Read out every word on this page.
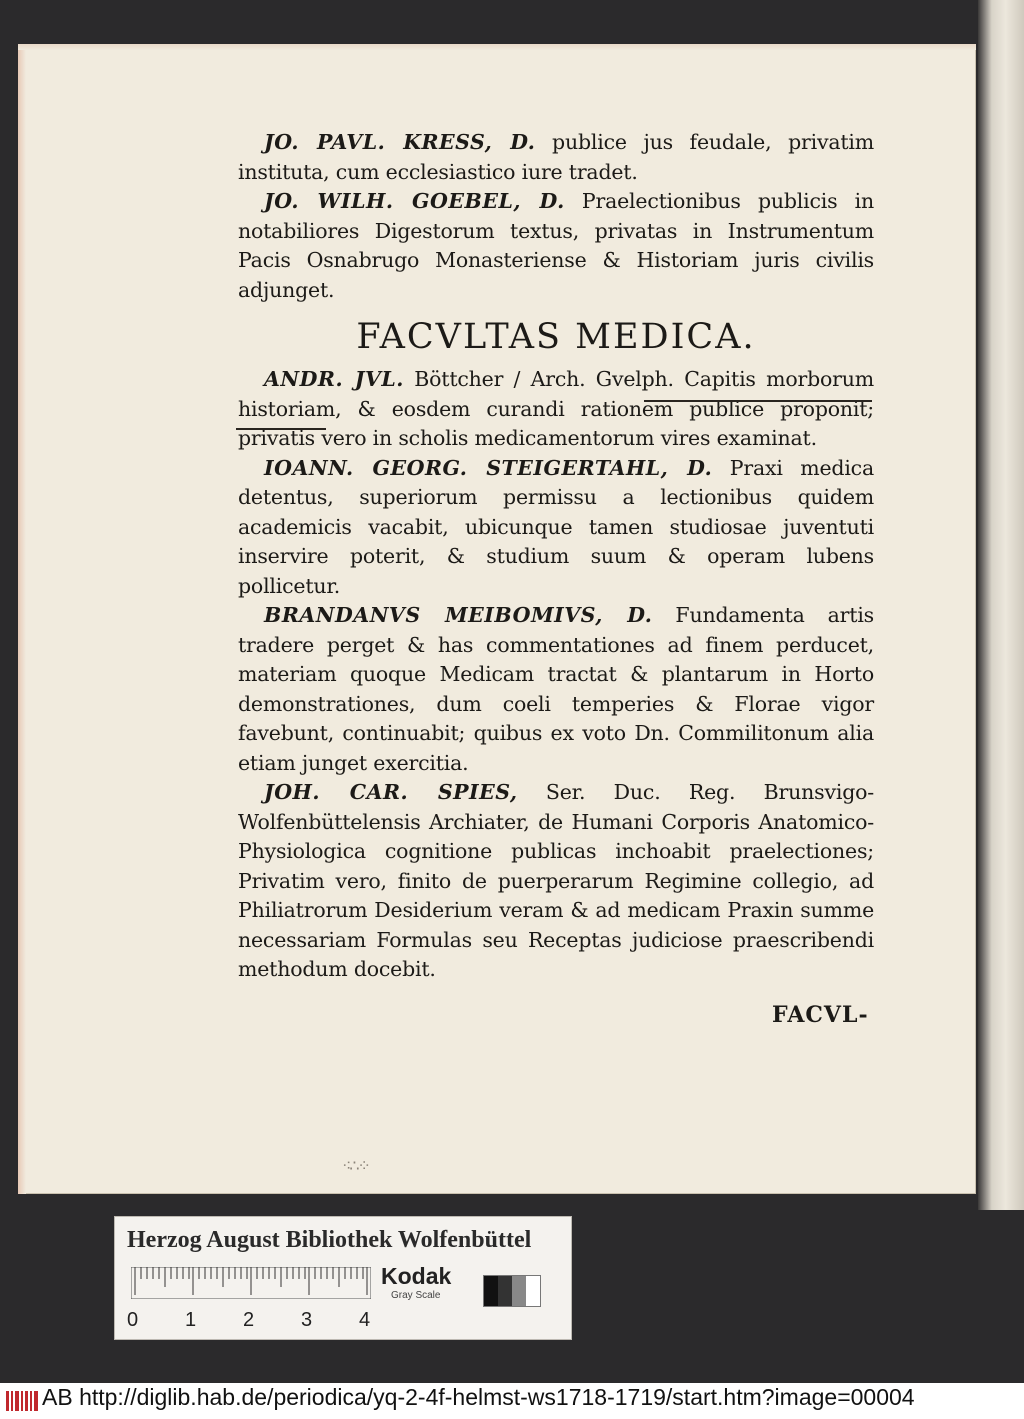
JO. PAVL. KRESS, D. publice jus feudale, privatim instituta, cum ecclesiastico iure tradet.

JO. WILH. GOEBEL, D. Praelectionibus publicis in notabiliores Digestorum textus, privatas in Instrumentum Pacis Osnabrugo Monasteriense & Historiam juris civilis adjunget.

FACVLTAS MEDICA.

ANDR. JVL. Böttcher / Arch. Gvelph. Capitis morborum historiam, & eosdem curandi rationem publice proponit; privatis vero in scholis medicamentorum vires examinat.

IOANN. GEORG. STEIGERTAHL, D. Praxi medica detentus, superiorum permissu a lectionibus quidem academicis vacabit, ubicunque tamen studiosae juventuti inservire poterit, & studium suum & operam lubens pollicetur.

BRANDANVS MEIBOMIVS, D. Fundamenta artis tradere perget & has commentationes ad finem perducet, materiam quoque Medicam tractat & plantarum in Horto demonstrationes, dum coeli temperies & Florae vigor favebunt, continuabit; quibus ex voto Dn. Commilitonum alia etiam junget exercitia.

JOH. CAR. SPIES, Ser. Duc. Reg. Brunsvigo-Wolfenbüttelensis Archiater, de Humani Corporis Anatomico-Physiologica cognitione publicas inchoabit praelectiones; Privatim vero, finito de puerperarum Regimine collegio, ad Philiatrorum Desiderium veram & ad medicam Praxin summe necessariam Formulas seu Receptas judiciose praescribendi methodum docebit.

FACVL-
⁖∴⁘
Herzog August Bibliothek Wolfenbüttel
0 1 2 3 4
Kodak
Gray Scale
AB http://diglib.hab.de/periodica/yq-2-4f-helmst-ws1718-1719/start.htm?image=00004
